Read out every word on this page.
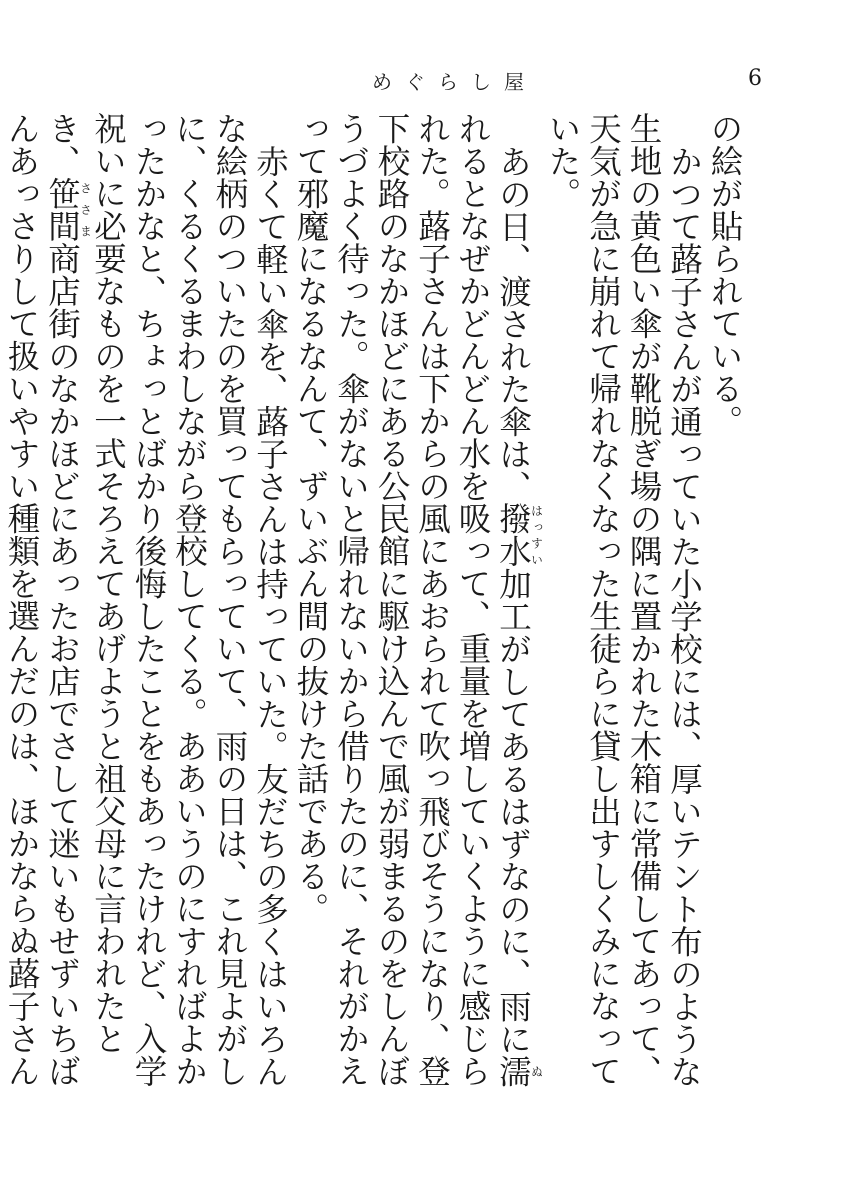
めぐらし屋	6

の絵が貼られている。

かつて蕗子さんが通っていた小学校には、厚いテント布のような生地の黄色い傘が靴脱ぎ場の隅に置かれた木箱に常備してあって、天気が急に崩れて帰れなくなった生徒らに貸し出すしくみになっていた。

あの日、渡された傘は、撥水はっすい加工がしてあるはずなのに、雨に濡ぬれるとなぜかどんどん水を吸って、重量を増していくように感じられた。蕗子さんは下からの風にあおられて吹っ飛びそうになり、登下校路のなかほどにある公民館に駆け込んで風が弱まるのをしんぼうづよく待った。傘がないと帰れないから借りたのに、それがかえって邪魔になるなんて、ずいぶん間の抜けた話である。

赤くて軽い傘を、蕗子さんは持っていた。友だちの多くはいろんな絵柄のついたのを買ってもらっていて、雨の日は、これ見よがしに、くるくるまわしながら登校してくる。ああいうのにすればよかったかなと、ちょっとばかり後悔したことをもあったけれど、入学祝いに必要なものを一式そろえてあげようと祖父母に言われたとき、笹間ささま商店街のなかほどにあったお店でさして迷いもせずいちばんあっさりして扱いやすい種類を選んだのは、ほかならぬ蕗子さん
